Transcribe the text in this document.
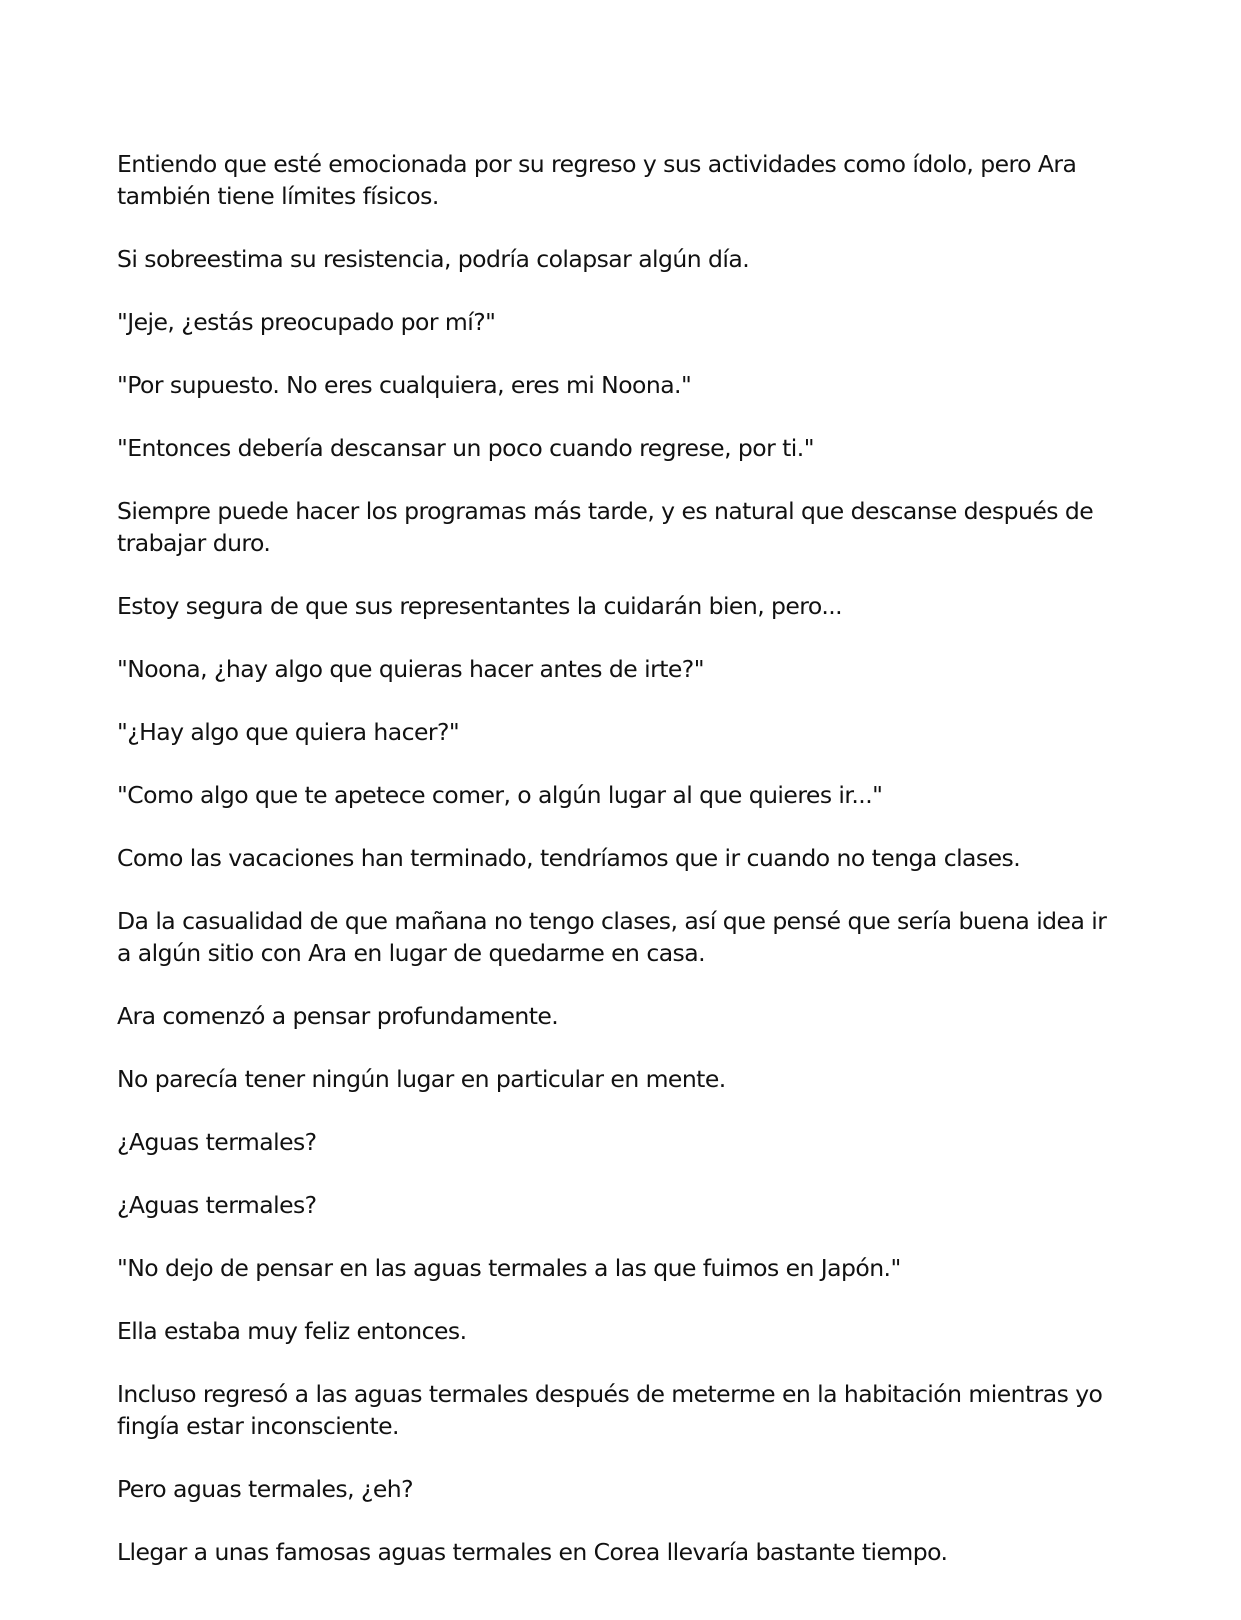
Entiendo que esté emocionada por su regreso y sus actividades como ídolo, pero Ara también tiene límites físicos.

Si sobreestima su resistencia, podría colapsar algún día.

"Jeje, ¿estás preocupado por mí?"

"Por supuesto. No eres cualquiera, eres mi Noona."

"Entonces debería descansar un poco cuando regrese, por ti."

Siempre puede hacer los programas más tarde, y es natural que descanse después de trabajar duro.

Estoy segura de que sus representantes la cuidarán bien, pero...

"Noona, ¿hay algo que quieras hacer antes de irte?"

"¿Hay algo que quiera hacer?"

"Como algo que te apetece comer, o algún lugar al que quieres ir..."

Como las vacaciones han terminado, tendríamos que ir cuando no tenga clases.

Da la casualidad de que mañana no tengo clases, así que pensé que sería buena idea ir a algún sitio con Ara en lugar de quedarme en casa.

Ara comenzó a pensar profundamente.

No parecía tener ningún lugar en particular en mente.

¿Aguas termales?

¿Aguas termales?

"No dejo de pensar en las aguas termales a las que fuimos en Japón."

Ella estaba muy feliz entonces.

Incluso regresó a las aguas termales después de meterme en la habitación mientras yo fingía estar inconsciente.

Pero aguas termales, ¿eh?

Llegar a unas famosas aguas termales en Corea llevaría bastante tiempo.
